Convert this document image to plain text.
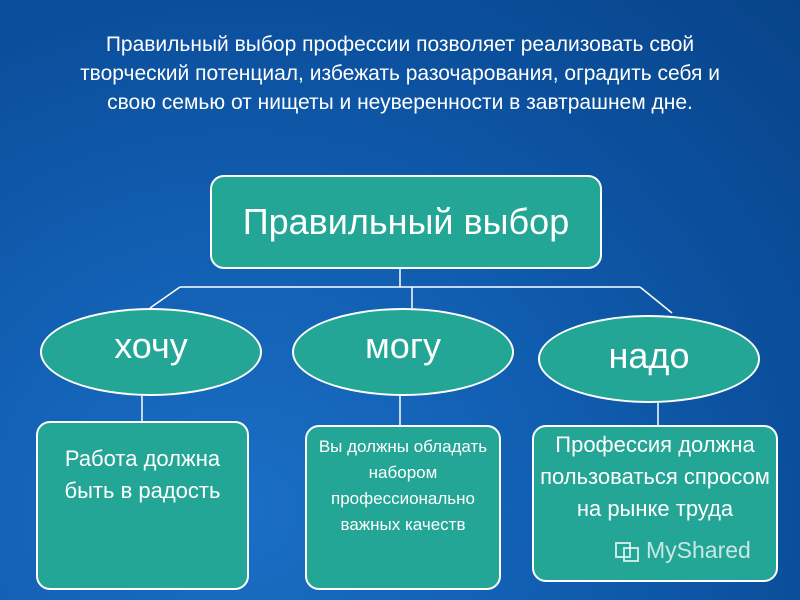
Правильный выбор профессии позволяет реализовать свой творческий потенциал, избежать разочарования, оградить себя и свою семью от нищеты и неуверенности в завтрашнем дне.
Правильный выбор
хочу	могу	надо
Работа должна быть в радость
Вы должны обладать набором профессионально важных качеств
Профессия должна пользоваться спросом на рынке труда
MyShared
